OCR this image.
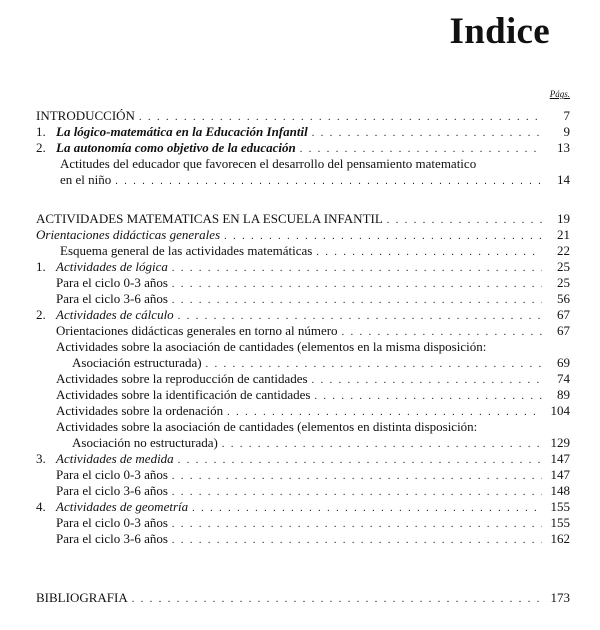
Indice
Págs.
INTRODUCCIÓN . . .	7
1. La lógico-matemática en la Educación Infantil . . .	9
2. La autonomía como objetivo de la educación . . .	13
Actitudes del educador que favorecen el desarrollo del pensamiento matematico
en el niño . . .	14
ACTIVIDADES MATEMATICAS EN LA ESCUELA INFANTIL . . .	19
Orientaciones didácticas generales . . .	21
Esquema general de las actividades matemáticas . . .	22
1. Actividades de lógica . . .	25
Para el ciclo 0-3 años . . .	25
Para el ciclo 3-6 años . . .	56
2. Actividades de cálculo . . .	67
Orientaciones didácticas generales en torno al número . . .	67
Actividades sobre la asociación de cantidades (elementos en la misma disposición:
Asociación estructurada) . . .	69
Actividades sobre la reproducción de cantidades . . .	74
Actividades sobre la identificación de cantidades . . .	89
Actividades sobre la ordenación . . .	104
Actividades sobre la asociación de cantidades (elementos en distinta disposición:
Asociación no estructurada) . . .	129
3. Actividades de medida . . .	147
Para el ciclo 0-3 años . . .	147
Para el ciclo 3-6 años . . .	148
4. Actividades de geometría . . .	155
Para el ciclo 0-3 años . . .	155
Para el ciclo 3-6 años . . .	162
BIBLIOGRAFIA . . .	173
